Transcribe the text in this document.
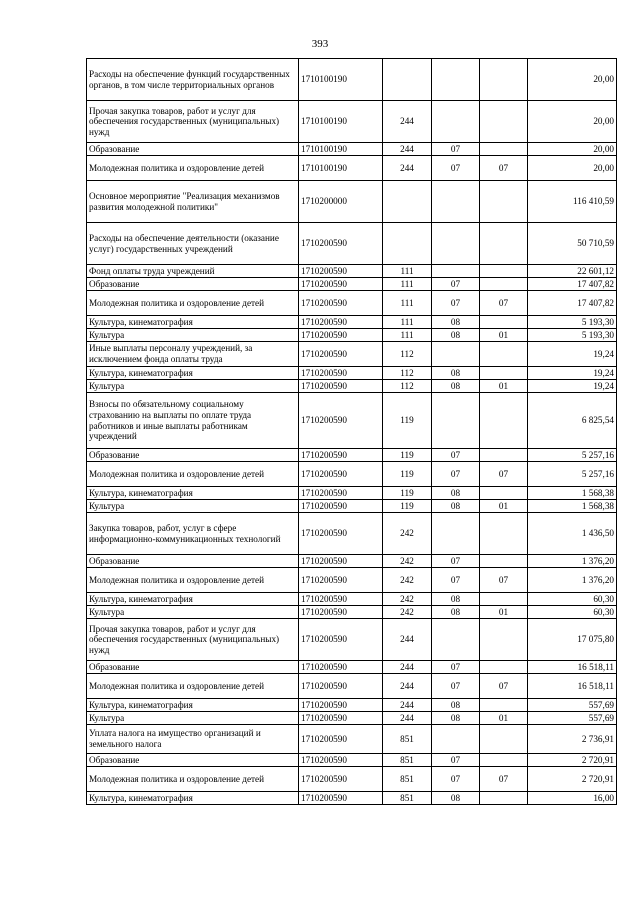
393
Расходы на обеспечение функций государственных органов, в том числе территориальных органов	1710100190				20,00
Прочая закупка товаров, работ и услуг для обеспечения государственных (муниципальных) нужд	1710100190	244			20,00
Образование	1710100190	244	07		20,00
Молодежная политика и оздоровление детей	1710100190	244	07	07	20,00
Основное мероприятие "Реализация механизмов развития молодежной политики"	1710200000				116 410,59
Расходы на обеспечение деятельности (оказание услуг) государственных учреждений	1710200590				50 710,59
Фонд оплаты труда учреждений	1710200590	111			22 601,12
Образование	1710200590	111	07		17 407,82
Молодежная политика и оздоровление детей	1710200590	111	07	07	17 407,82
Культура, кинематография	1710200590	111	08		5 193,30
Культура	1710200590	111	08	01	5 193,30
Иные выплаты персоналу учреждений, за исключением фонда оплаты труда	1710200590	112			19,24
Культура, кинематография	1710200590	112	08		19,24
Культура	1710200590	112	08	01	19,24
Взносы по обязательному социальному страхованию на выплаты по оплате труда работников и иные выплаты работникам учреждений	1710200590	119			6 825,54
Образование	1710200590	119	07		5 257,16
Молодежная политика и оздоровление детей	1710200590	119	07	07	5 257,16
Культура, кинематография	1710200590	119	08		1 568,38
Культура	1710200590	119	08	01	1 568,38
Закупка товаров, работ, услуг в сфере информационно-коммуникационных технологий	1710200590	242			1 436,50
Образование	1710200590	242	07		1 376,20
Молодежная политика и оздоровление детей	1710200590	242	07	07	1 376,20
Культура, кинематография	1710200590	242	08		60,30
Культура	1710200590	242	08	01	60,30
Прочая закупка товаров, работ и услуг для обеспечения государственных (муниципальных) нужд	1710200590	244			17 075,80
Образование	1710200590	244	07		16 518,11
Молодежная политика и оздоровление детей	1710200590	244	07	07	16 518,11
Культура, кинематография	1710200590	244	08		557,69
Культура	1710200590	244	08	01	557,69
Уплата налога на имущество организаций и земельного налога	1710200590	851			2 736,91
Образование	1710200590	851	07		2 720,91
Молодежная политика и оздоровление детей	1710200590	851	07	07	2 720,91
Культура, кинематография	1710200590	851	08		16,00
